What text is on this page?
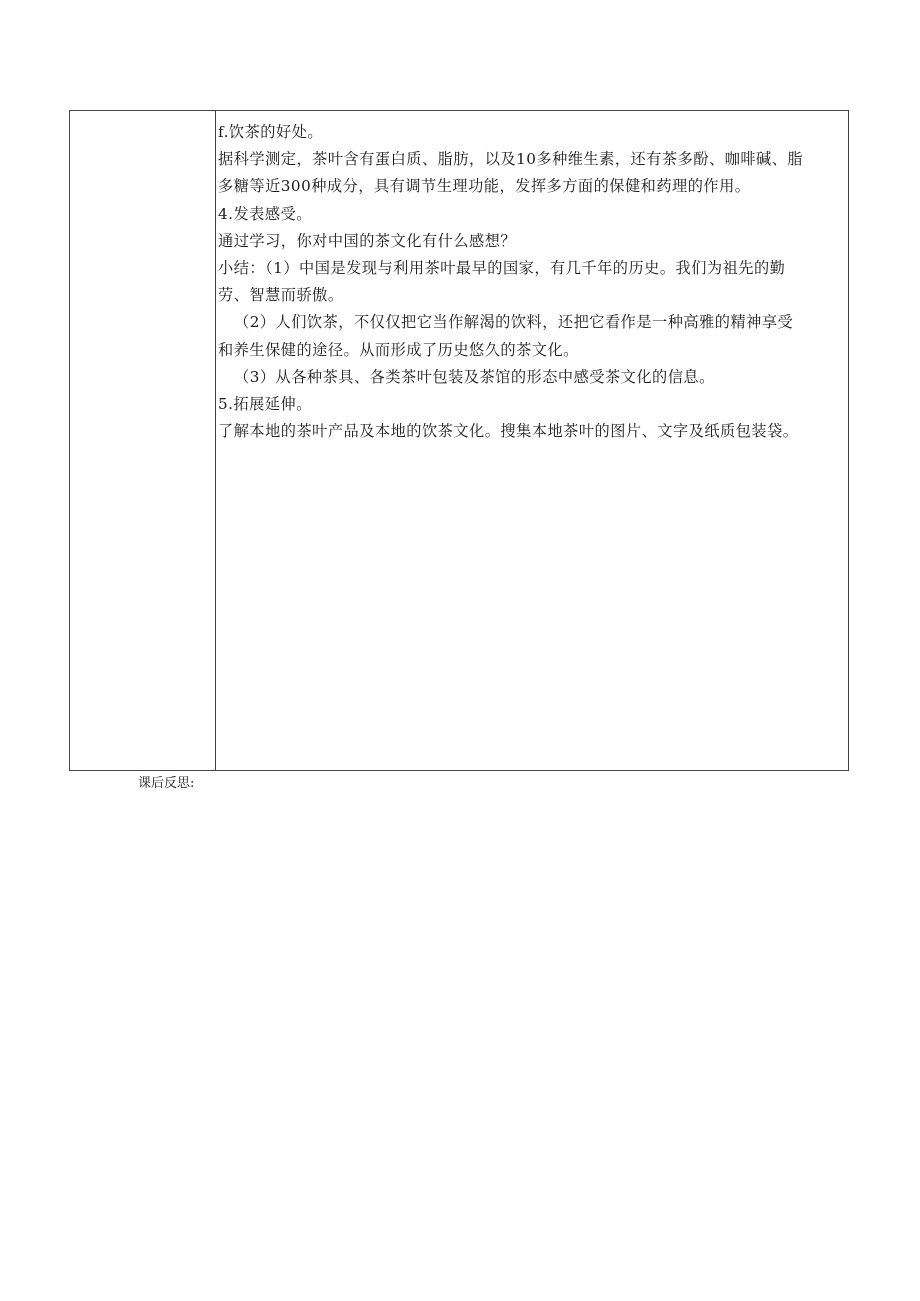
f.饮茶的好处。

据科学测定，茶叶含有蛋白质、脂肪，以及10多种维生素，还有茶多酚、咖啡碱、脂

多糖等近300种成分，具有调节生理功能，发挥多方面的保健和药理的作用。

4.发表感受。

通过学习，你对中国的茶文化有什么感想？

小结：（1）中国是发现与利用茶叶最早的国家，有几千年的历史。我们为祖先的勤

劳、智慧而骄傲。

（2）人们饮茶，不仅仅把它当作解渴的饮料，还把它看作是一种高雅的精神享受

和养生保健的途径。从而形成了历史悠久的茶文化。

（3）从各种茶具、各类茶叶包装及茶馆的形态中感受茶文化的信息。

5.拓展延伸。

了解本地的茶叶产品及本地的饮茶文化。搜集本地茶叶的图片、文字及纸质包装袋。

课后反思:
